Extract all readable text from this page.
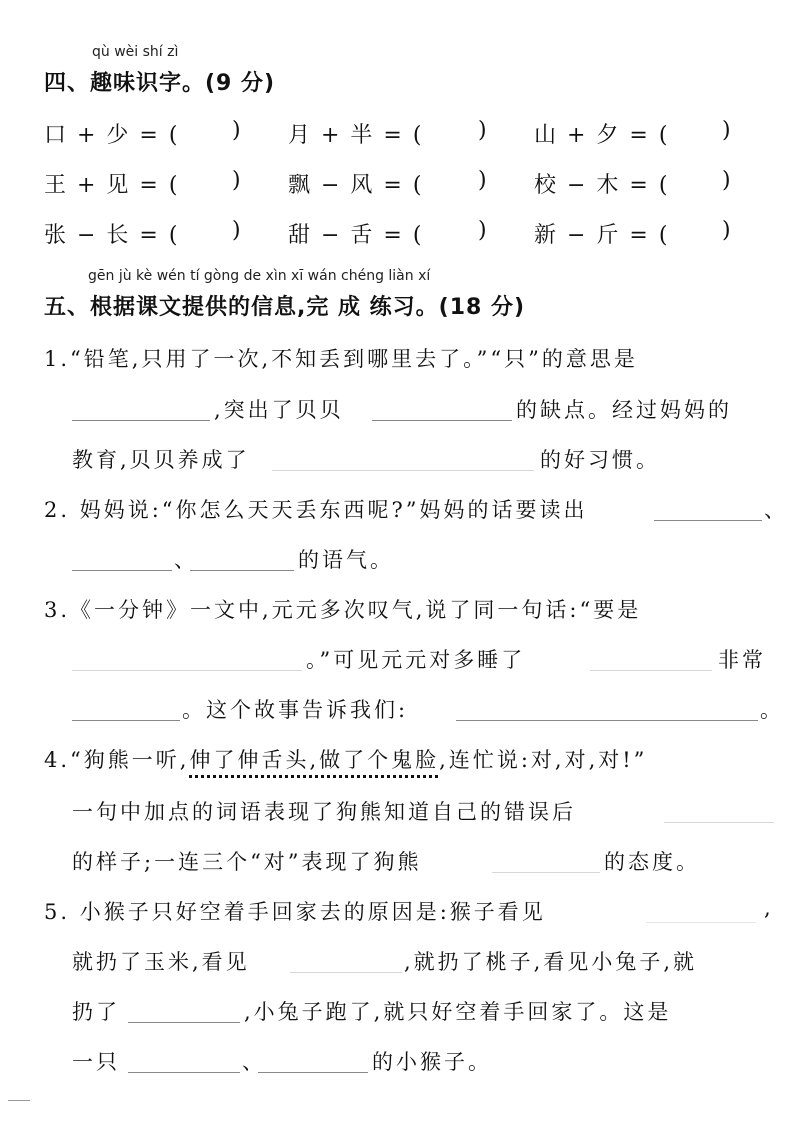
qù wèi shí zì
四、趣味识字。(9 分)
口 + 少 = ( ) 月 + 半 = ( ) 山 + 夕 = ( )
王 + 见 = ( ) 飘 − 风 = ( ) 校 − 木 = ( )
张 − 长 = ( ) 甜 − 舌 = ( ) 新 − 斤 = ( )
gēn jù kè wén tí gòng de xìn xī wán chéng liàn xí
五、根据课文提供的信息,完 成 练习。(18 分)
1.“铅笔,只用了一次,不知丢到哪里去了。”“只”的意思是
,突出了贝贝	的缺点。经过妈妈的
教育,贝贝养成了	的好习惯。
2. 妈妈说:“你怎么天天丢东西呢?”妈妈的话要读出	、
、	的语气。
3.《一分钟》一文中,元元多次叹气,说了同一句话:“要是
。”可见元元对多睡了	非常
。这个故事告诉我们:	。
4.“狗熊一听,伸了伸舌头,做了个鬼脸,连忙说:对,对,对!”
一句中加点的词语表现了狗熊知道自己的错误后
的样子;一连三个“对”表现了狗熊	的态度。
5. 小猴子只好空着手回家去的原因是:猴子看见	,
就扔了玉米,看见	,就扔了桃子,看见小兔子,就
扔了	,小兔子跑了,就只好空着手回家了。这是
一只	、	的小猴子。
